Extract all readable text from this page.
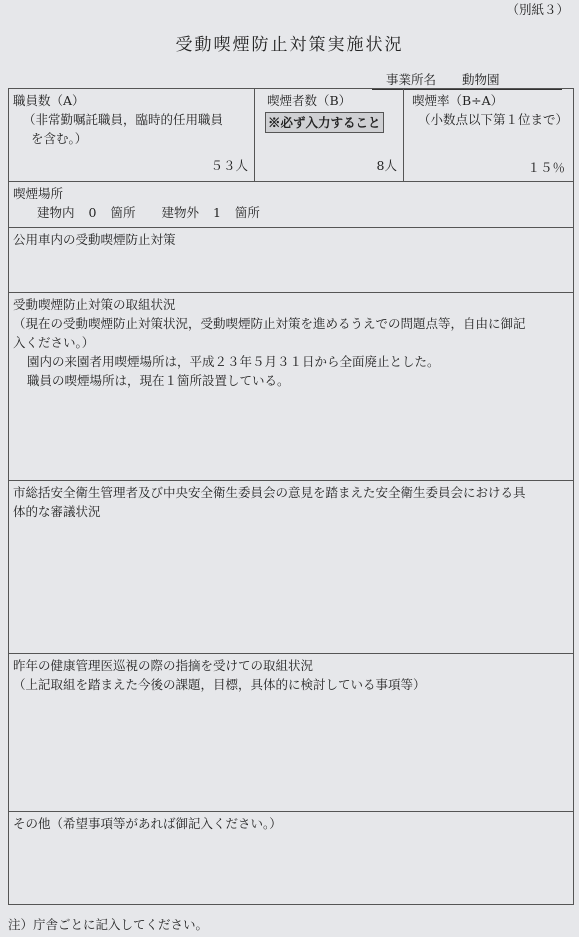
（別紙３）
受動喫煙防止対策実施状況
事業所名 動物園
職員数（A）
（非常勤嘱託職員，臨時的任用職員
を含む。）
５３人

喫煙者数（B）
※必ず入力すること
8人

喫煙率（B÷A）
（小数点以下第１位まで）
１５％

喫煙場所
建物内 0 箇所 建物外 1 箇所

公用車内の受動喫煙防止対策

受動喫煙防止対策の取組状況
（現在の受動喫煙防止対策状況，受動喫煙防止対策を進めるうえでの問題点等，自由に御記
入ください。）
園内の来園者用喫煙場所は，平成２３年５月３１日から全面廃止とした。
職員の喫煙場所は，現在１箇所設置している。

市総括安全衛生管理者及び中央安全衛生委員会の意見を踏まえた安全衛生委員会における具
体的な審議状況

昨年の健康管理医巡視の際の指摘を受けての取組状況
（上記取組を踏まえた今後の課題，目標，具体的に検討している事項等）

その他（希望事項等があれば御記入ください。）
注）庁舎ごとに記入してください。
